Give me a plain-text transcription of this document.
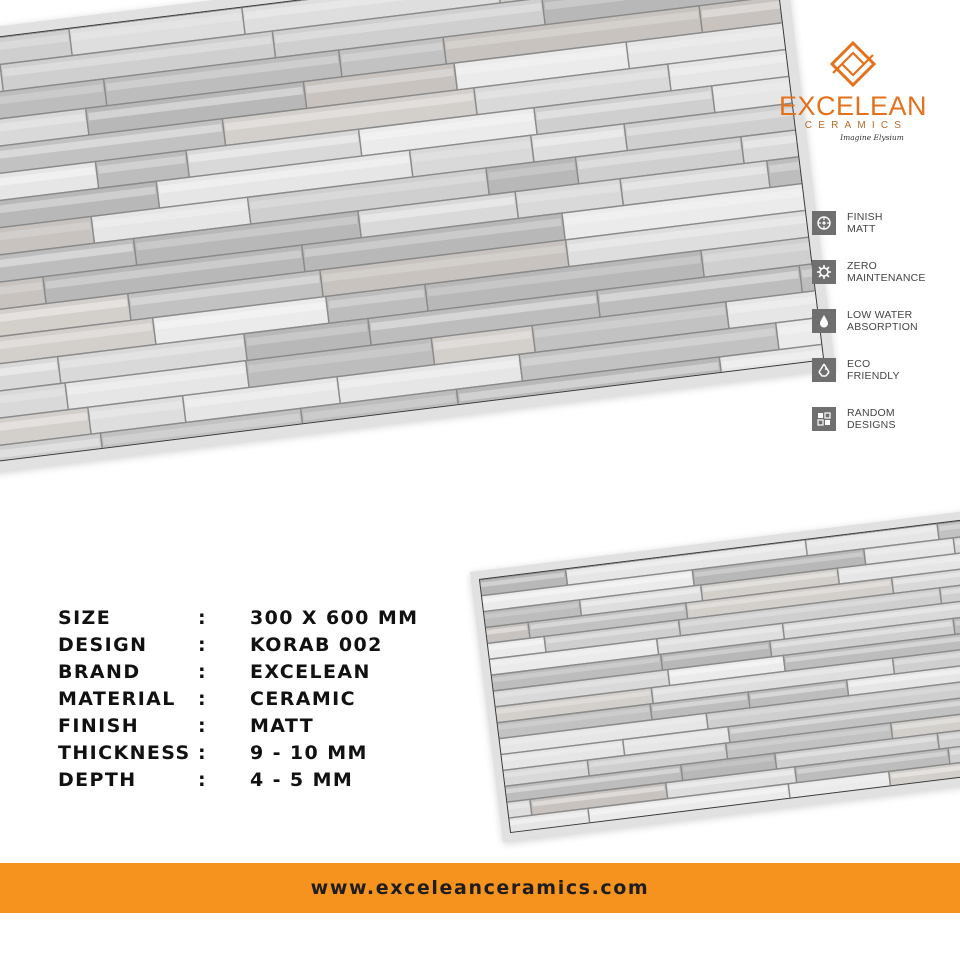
EXCELEAN
CERAMICS
Imagine Elysium
FINISH
MATT
ZERO
MAINTENANCE
LOW WATER
ABSORPTION
ECO
FRIENDLY
RANDOM
DESIGNS
SIZE	:	300 X 600 MM
DESIGN	:	KORAB 002
BRAND	:	EXCELEAN
MATERIAL	:	CERAMIC
FINISH	:	MATT
THICKNESS :	9 - 10 MM
DEPTH	:	4 - 5 MM
www.exceleanceramics.com
